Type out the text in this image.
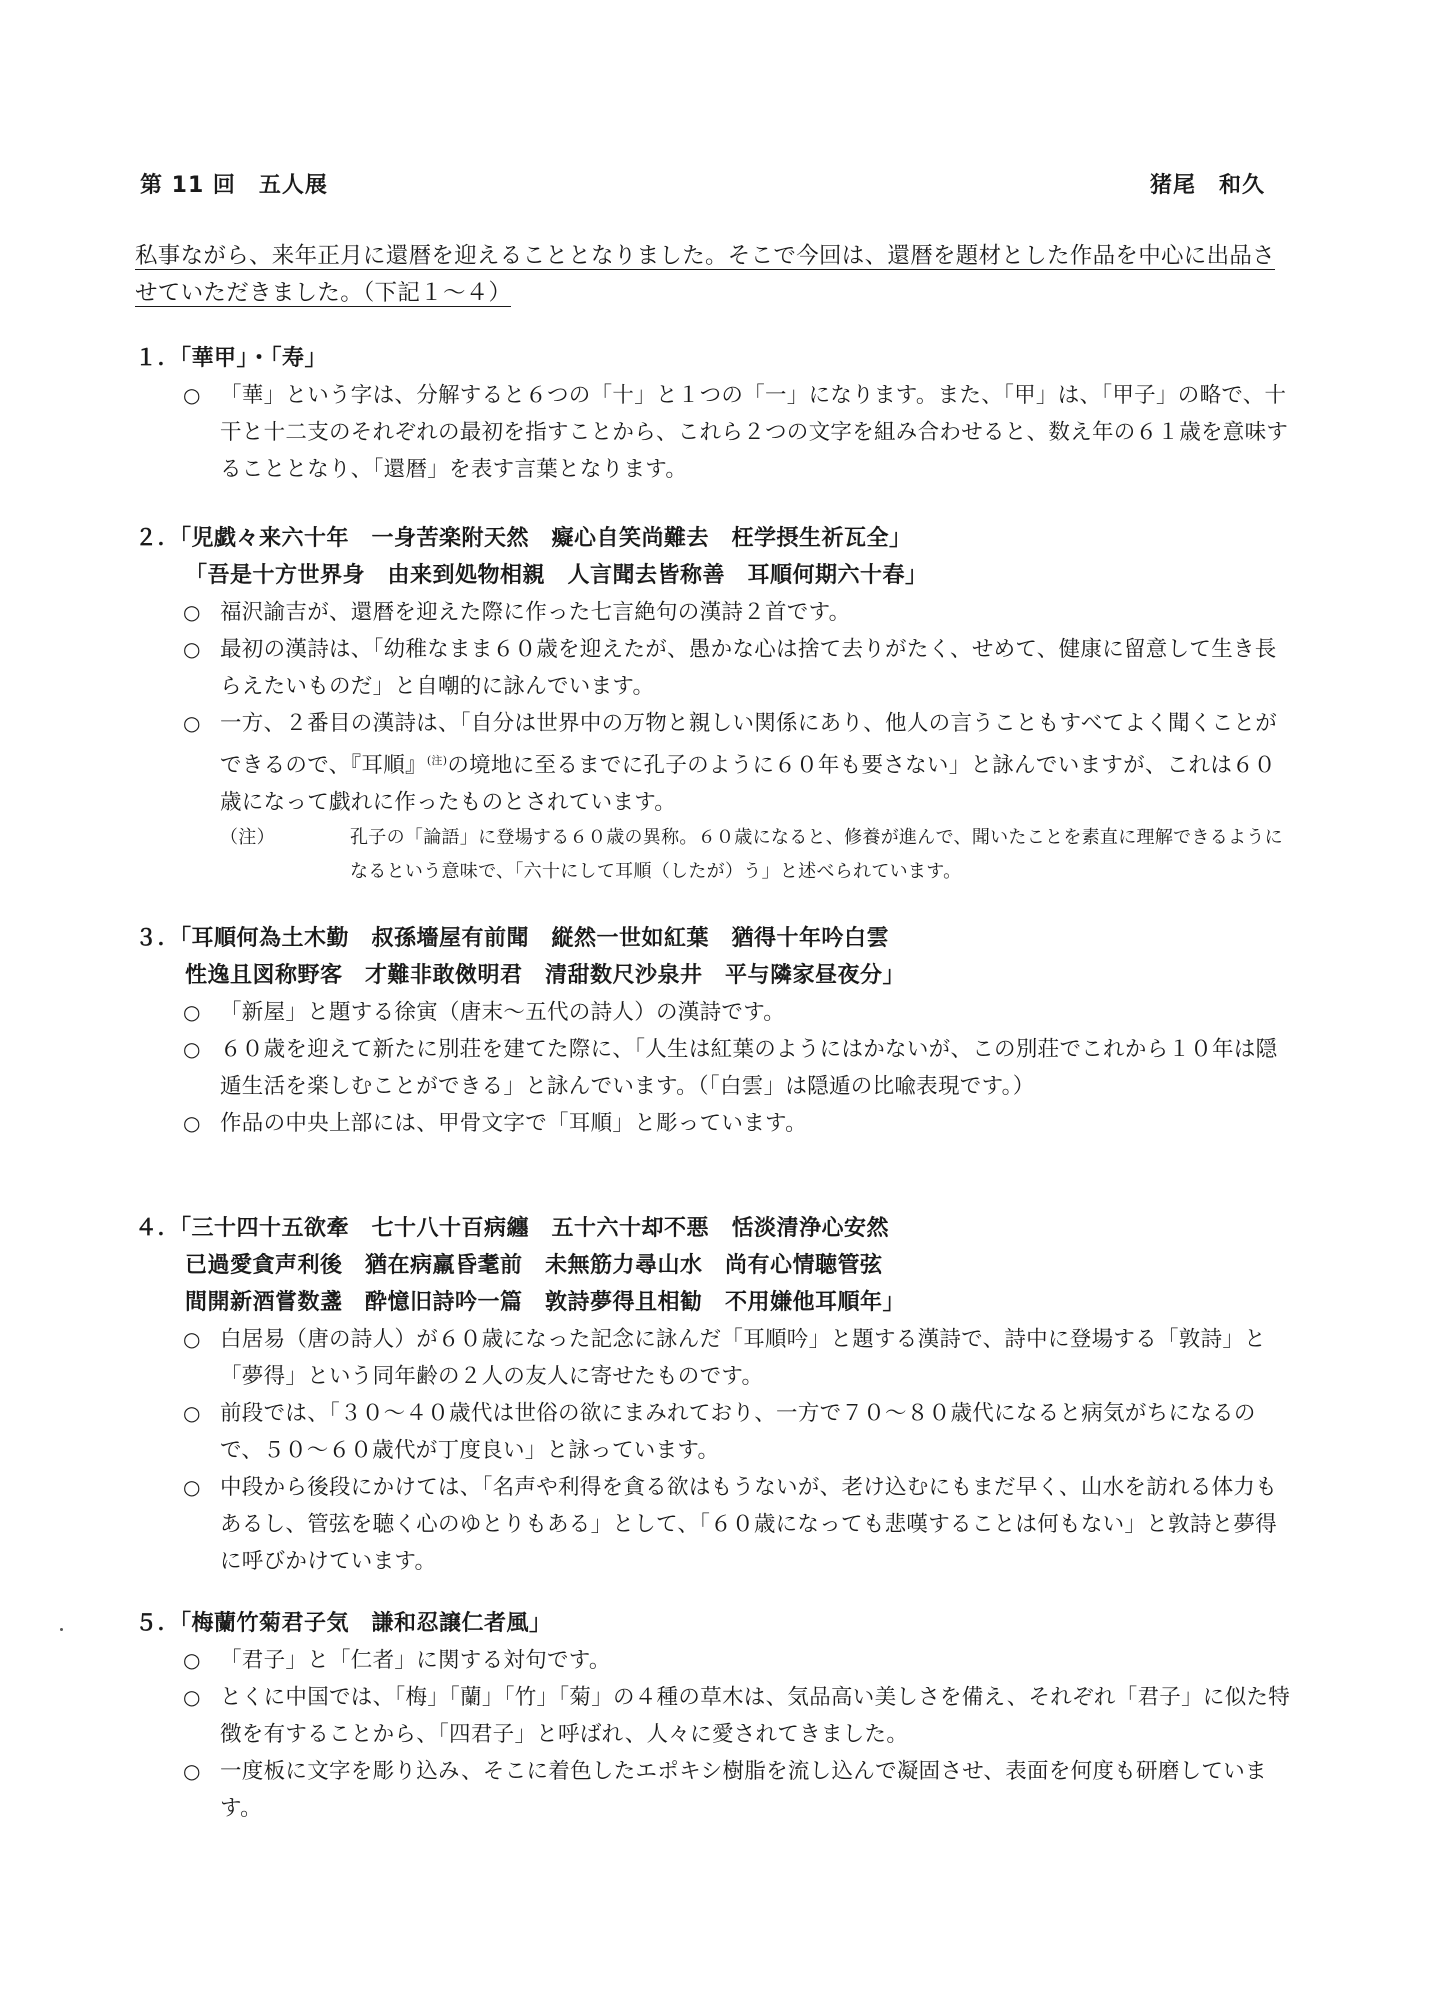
第 11 回　五人展	猪尾　和久
私事ながら、来年正月に還暦を迎えることとなりました。そこで今回は、還暦を題材とした作品を中心に出品させていただきました。（下記１～４）
１．「華甲」・「寿」
○ 「華」という字は、分解すると６つの「十」と１つの「一」になります。また、「甲」は、「甲子」の略で、十干と十二支のそれぞれの最初を指すことから、これら２つの文字を組み合わせると、数え年の６１歳を意味することとなり、「還暦」を表す言葉となります。
２．「児戯々来六十年　一身苦楽附天然　癡心自笑尚難去　枉学摂生祈瓦全」
「吾是十方世界身　由来到処物相親　人言聞去皆称善　耳順何期六十春」
○ 福沢諭吉が、還暦を迎えた際に作った七言絶句の漢詩２首です。
○ 最初の漢詩は、「幼稚なまま６０歳を迎えたが、愚かな心は捨て去りがたく、せめて、健康に留意して生き長らえたいものだ」と自嘲的に詠んでいます。
○ 一方、２番目の漢詩は、「自分は世界中の万物と親しい関係にあり、他人の言うこともすべてよく聞くことができるので、『耳順』$^{(注)}$の境地に至るまでに孔子のように６０年も要さない」と詠んでいますが、これは６０歳になって戯れに作ったものとされています。
（注）	孔子の「論語」に登場する６０歳の異称。６０歳になると、修養が進んで、聞いたことを素直に理解できるようになるという意味で、「六十にして耳順（したが）う」と述べられています。
３．「耳順何為土木勤　叔孫墻屋有前聞　縦然一世如紅葉　猶得十年吟白雲
性逸且図称野客　才難非敢傚明君　清甜数尺沙泉井　平与隣家昼夜分」
○ 「新屋」と題する徐寅（唐末～五代の詩人）の漢詩です。
○ ６０歳を迎えて新たに別荘を建てた際に、「人生は紅葉のようにはかないが、この別荘でこれから１０年は隠遁生活を楽しむことができる」と詠んでいます。（「白雲」は隠遁の比喩表現です。）
○ 作品の中央上部には、甲骨文字で「耳順」と彫っています。
４．「三十四十五欲牽　七十八十百病纏　五十六十却不悪　恬淡清浄心安然
已過愛貪声利後　猶在病羸昏耄前　未無筋力尋山水　尚有心情聴管弦
間開新酒嘗数盞　酔憶旧詩吟一篇　敦詩夢得且相勧　不用嫌他耳順年」
○ 白居易（唐の詩人）が６０歳になった記念に詠んだ「耳順吟」と題する漢詩で、詩中に登場する「敦詩」と「夢得」という同年齢の２人の友人に寄せたものです。
○ 前段では、「３０～４０歳代は世俗の欲にまみれており、一方で７０～８０歳代になると病気がちになるので、５０～６０歳代が丁度良い」と詠っています。
○ 中段から後段にかけては、「名声や利得を貪る欲はもうないが、老け込むにもまだ早く、山水を訪れる体力もあるし、管弦を聴く心のゆとりもある」として、「６０歳になっても悲嘆することは何もない」と敦詩と夢得に呼びかけています。
５．「梅蘭竹菊君子気　謙和忍譲仁者風」
○ 「君子」と「仁者」に関する対句です。
○ とくに中国では、「梅」「蘭」「竹」「菊」の４種の草木は、気品高い美しさを備え、それぞれ「君子」に似た特徴を有することから、「四君子」と呼ばれ、人々に愛されてきました。
○ 一度板に文字を彫り込み、そこに着色したエポキシ樹脂を流し込んで凝固させ、表面を何度も研磨しています。
